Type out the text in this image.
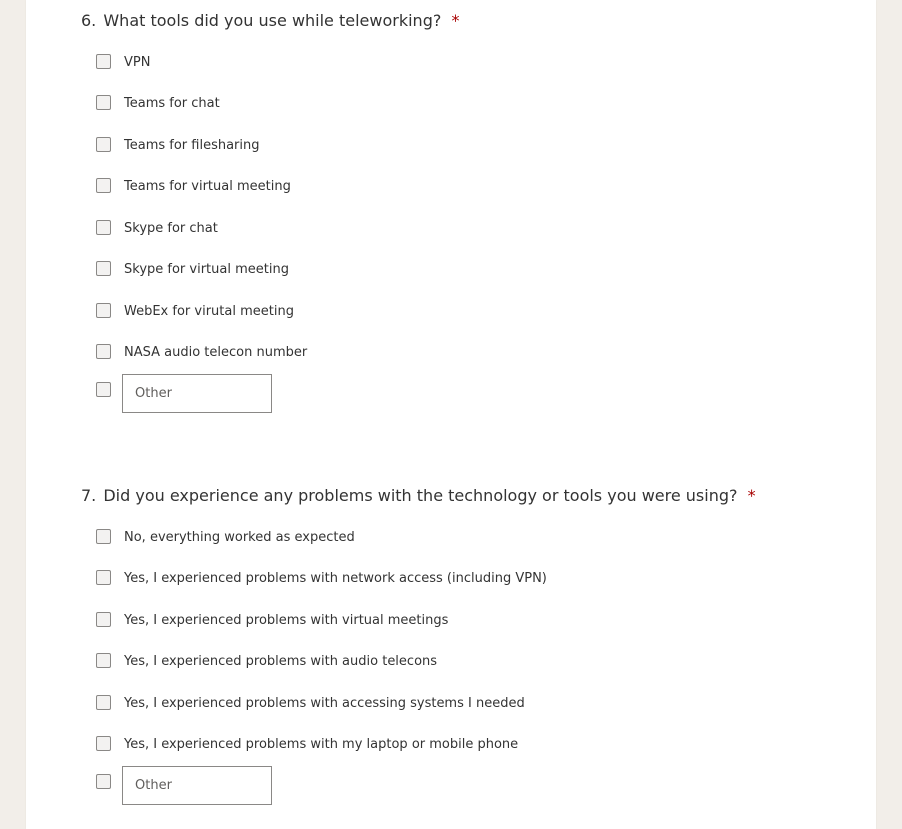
6. What tools did you use while teleworking? *
VPN
Teams for chat
Teams for filesharing
Teams for virtual meeting
Skype for chat
Skype for virtual meeting
WebEx for virutal meeting
NASA audio telecon number
Other
7. Did you experience any problems with the technology or tools you were using? *
No, everything worked as expected
Yes, I experienced problems with network access (including VPN)
Yes, I experienced problems with virtual meetings
Yes, I experienced problems with audio telecons
Yes, I experienced problems with accessing systems I needed
Yes, I experienced problems with my laptop or mobile phone
Other
